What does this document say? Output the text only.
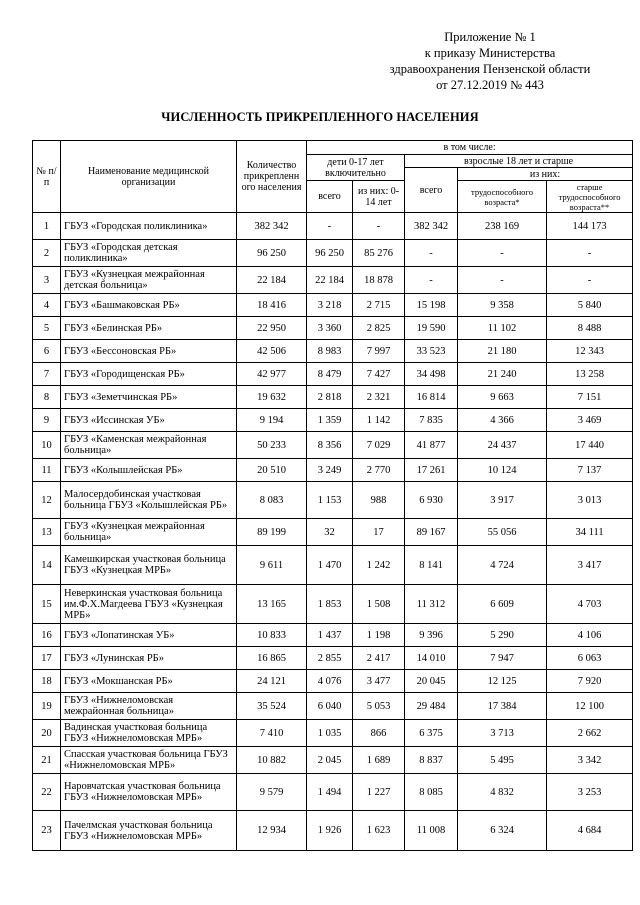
Приложение № 1
к приказу Министерства
здравоохранения Пензенской области
от 27.12.2019 № 443
ЧИСЛЕННОСТЬ ПРИКРЕПЛЕННОГО НАСЕЛЕНИЯ
№ п/п	Наименование медицинской организации	Количество прикрепленн ого населения	в том числе:				
			дети 0-17 лет включительно		взрослые 18 лет и старше		
					всего	из них:	
			всего	из них: 0-14 лет		трудоспособного возраста*	старше трудоспособного возраста**
1	ГБУЗ «Городская поликлиника»	382 342	-	-	382 342	238 169	144 173
2	ГБУЗ «Городская детская поликлиника»	96 250	96 250	85 276	-	-	-
3	ГБУЗ «Кузнецкая межрайонная детская больница»	22 184	22 184	18 878	-	-	-
4	ГБУЗ «Башмаковская РБ»	18 416	3 218	2 715	15 198	9 358	5 840
5	ГБУЗ «Белинская РБ»	22 950	3 360	2 825	19 590	11 102	8 488
6	ГБУЗ «Бессоновская РБ»	42 506	8 983	7 997	33 523	21 180	12 343
7	ГБУЗ «Городищенская РБ»	42 977	8 479	7 427	34 498	21 240	13 258
8	ГБУЗ «Земетчинская РБ»	19 632	2 818	2 321	16 814	9 663	7 151
9	ГБУЗ «Иссинская УБ»	9 194	1 359	1 142	7 835	4 366	3 469
10	ГБУЗ «Каменская межрайонная больница»	50 233	8 356	7 029	41 877	24 437	17 440
11	ГБУЗ «Колышлейская РБ»	20 510	3 249	2 770	17 261	10 124	7 137
12	Малосердобинская участковая больница ГБУЗ «Колышлейская РБ»	8 083	1 153	988	6 930	3 917	3 013
13	ГБУЗ «Кузнецкая межрайонная больница»	89 199	32	17	89 167	55 056	34 111
14	Камешкирская участковая больница ГБУЗ «Кузнецкая МРБ»	9 611	1 470	1 242	8 141	4 724	3 417
15	Неверкинская участковая больница им.Ф.Х.Магдеева ГБУЗ «Кузнецкая МРБ»	13 165	1 853	1 508	11 312	6 609	4 703
16	ГБУЗ «Лопатинская УБ»	10 833	1 437	1 198	9 396	5 290	4 106
17	ГБУЗ «Лунинская РБ»	16 865	2 855	2 417	14 010	7 947	6 063
18	ГБУЗ «Мокшанская РБ»	24 121	4 076	3 477	20 045	12 125	7 920
19	ГБУЗ «Нижнеломовская межрайонная больница»	35 524	6 040	5 053	29 484	17 384	12 100
20	Вадинская участковая больница ГБУЗ «Нижнеломовская МРБ»	7 410	1 035	866	6 375	3 713	2 662
21	Спасская участковая больница ГБУЗ «Нижнеломовская МРБ»	10 882	2 045	1 689	8 837	5 495	3 342
22	Наровчатская участковая больница ГБУЗ «Нижнеломовская МРБ»	9 579	1 494	1 227	8 085	4 832	3 253
23	Пачелмская участковая больница ГБУЗ «Нижнеломовская МРБ»	12 934	1 926	1 623	11 008	6 324	4 684
